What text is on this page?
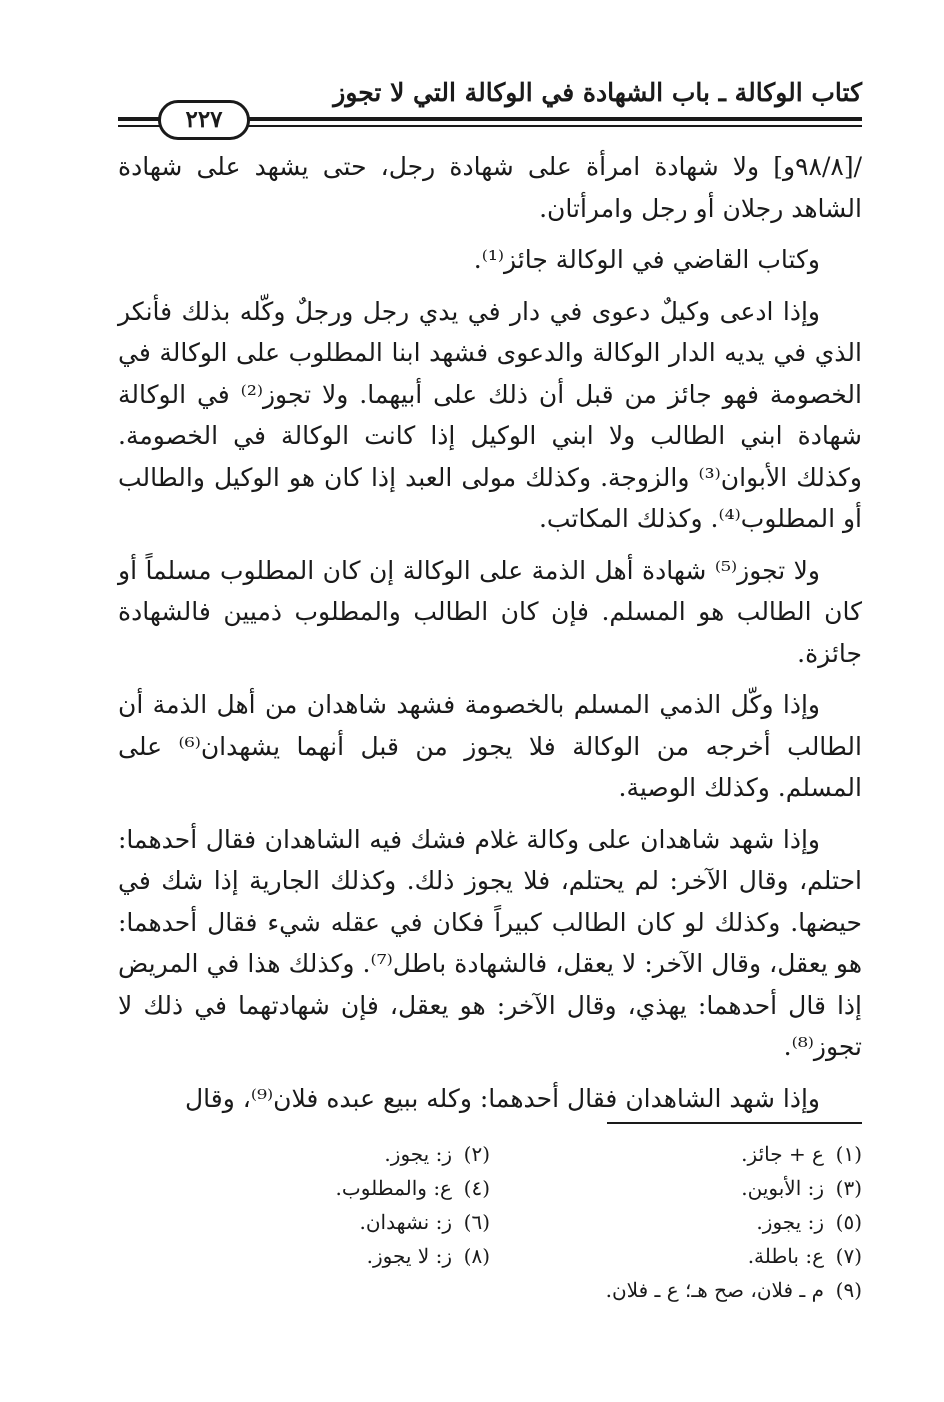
كتاب الوكالة ـ باب الشهادة في الوكالة التي لا تجوز
٢٢٧

/[٩٨/٨و] ولا شهادة امرأة على شهادة رجل، حتى يشهد على شهادة الشاهد رجلان أو رجل وامرأتان.

وكتاب القاضي في الوكالة جائز⁽¹⁾.

وإذا ادعى وكيلٌ دعوى في دار في يدي رجل ورجلٌ وكّله بذلك فأنكر الذي في يديه الدار الوكالة والدعوى فشهد ابنا المطلوب على الوكالة في الخصومة فهو جائز من قبل أن ذلك على أبيهما. ولا تجوز⁽²⁾ في الوكالة شهادة ابني الطالب ولا ابني الوكيل إذا كانت الوكالة في الخصومة. وكذلك الأبوان⁽³⁾ والزوجة. وكذلك مولى العبد إذا كان هو الوكيل والطالب أو المطلوب⁽⁴⁾. وكذلك المكاتب.

ولا تجوز⁽⁵⁾ شهادة أهل الذمة على الوكالة إن كان المطلوب مسلماً أو كان الطالب هو المسلم. فإن كان الطالب والمطلوب ذميين فالشهادة جائزة.

وإذا وكّل الذمي المسلم بالخصومة فشهد شاهدان من أهل الذمة أن الطالب أخرجه من الوكالة فلا يجوز من قبل أنهما يشهدان⁽⁶⁾ على المسلم. وكذلك الوصية.

وإذا شهد شاهدان على وكالة غلام فشك فيه الشاهدان فقال أحدهما: احتلم، وقال الآخر: لم يحتلم، فلا يجوز ذلك. وكذلك الجارية إذا شك في حيضها. وكذلك لو كان الطالب كبيراً فكان في عقله شيء فقال أحدهما: هو يعقل، وقال الآخر: لا يعقل، فالشهادة باطل⁽⁷⁾. وكذلك هذا في المريض إذا قال أحدهما: يهذي، وقال الآخر: هو يعقل، فإن شهادتهما في ذلك لا تجوز⁽⁸⁾.

وإذا شهد الشاهدان فقال أحدهما: وكله ببيع عبده فلان⁽⁹⁾، وقال

(١)ع + جائز.
(٢)ز: يجوز.
(٣)ز: الأبوين.
(٤)ع: والمطلوب.
(٥)ز: يجوز.
(٦)ز: نشهدان.
(٧)ع: باطلة.
(٨)ز: لا يجوز.
(٩)م ـ فلان، صح هـ؛ ع ـ فلان.
